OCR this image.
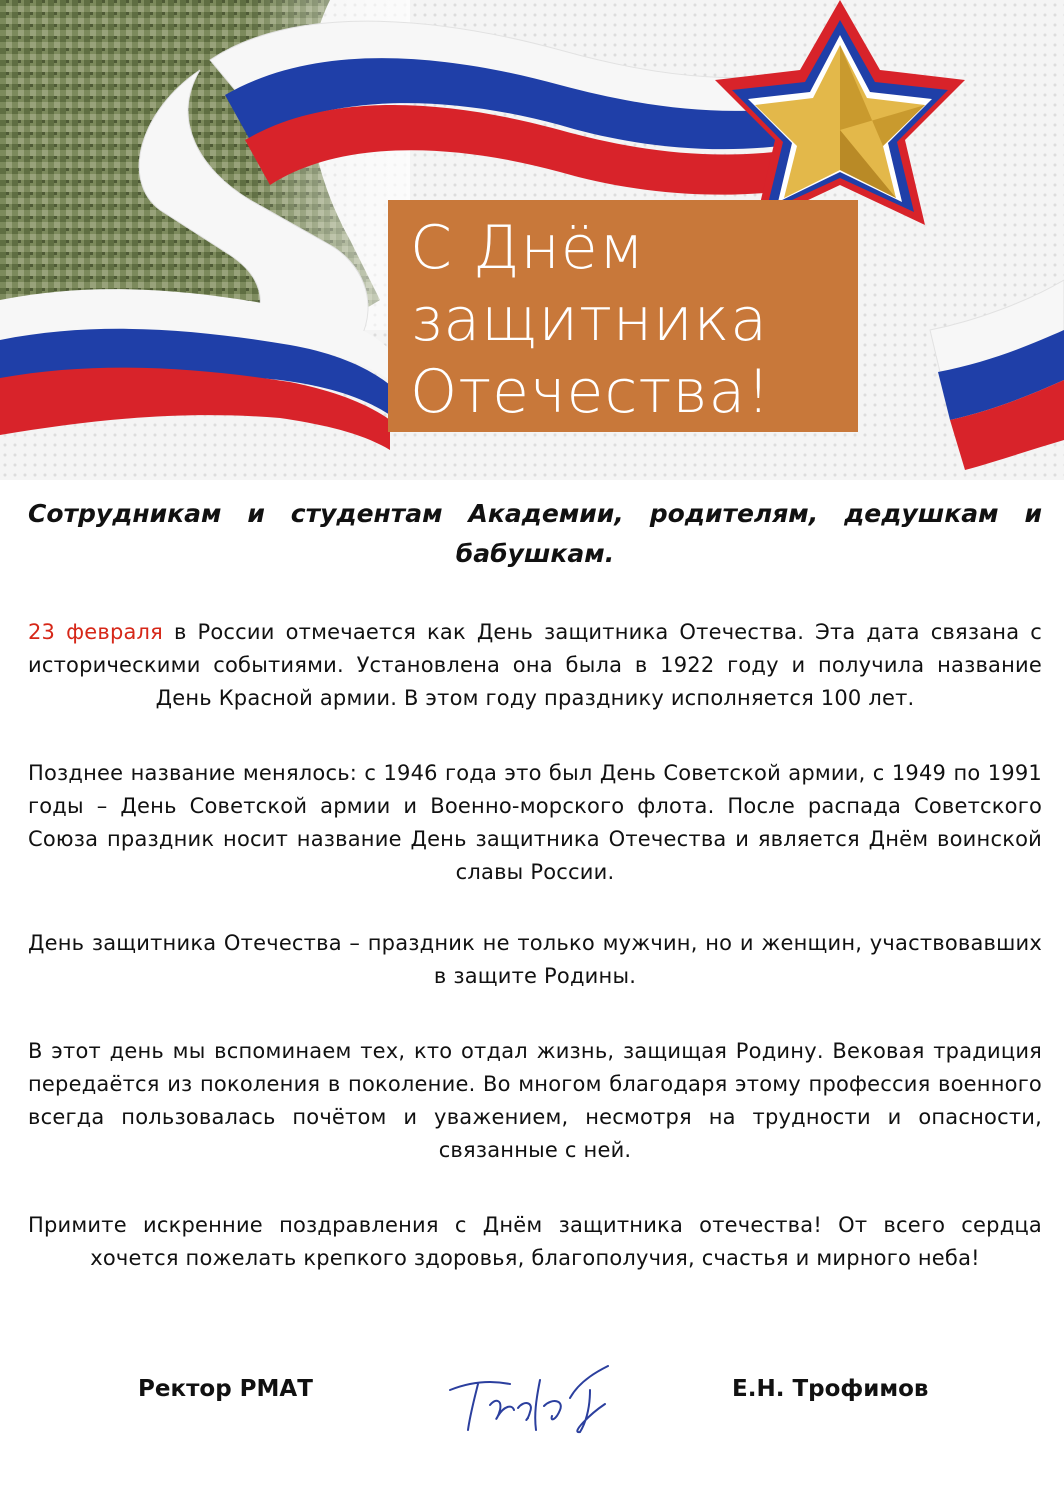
С Днём
защитника
Отечества!

Сотрудникам и студентам Академии, родителям, дедушкам и бабушкам.

23 февраля в России отмечается как День защитника Отечества. Эта дата связана с историческими событиями. Установлена она была в 1922 году и получила название День Красной армии. В этом году празднику исполняется 100 лет.

Позднее название менялось: с 1946 года это был День Советской армии, с 1949 по 1991 годы – День Советской армии и Военно-морского флота. После распада Советского Союза праздник носит название День защитника Отечества и является Днём воинской славы России.

День защитника Отечества – праздник не только мужчин, но и женщин, участвовавших в защите Родины.

В этот день мы вспоминаем тех, кто отдал жизнь, защищая Родину. Вековая традиция передаётся из поколения в поколение. Во многом благодаря этому профессия военного всегда пользовалась почётом и уважением, несмотря на трудности и опасности, связанные с ней.

Примите искренние поздравления с Днём защитника отечества! От всего сердца хочется пожелать крепкого здоровья, благополучия, счастья и мирного неба!

Ректор РМАТ	Е.Н. Трофимов
